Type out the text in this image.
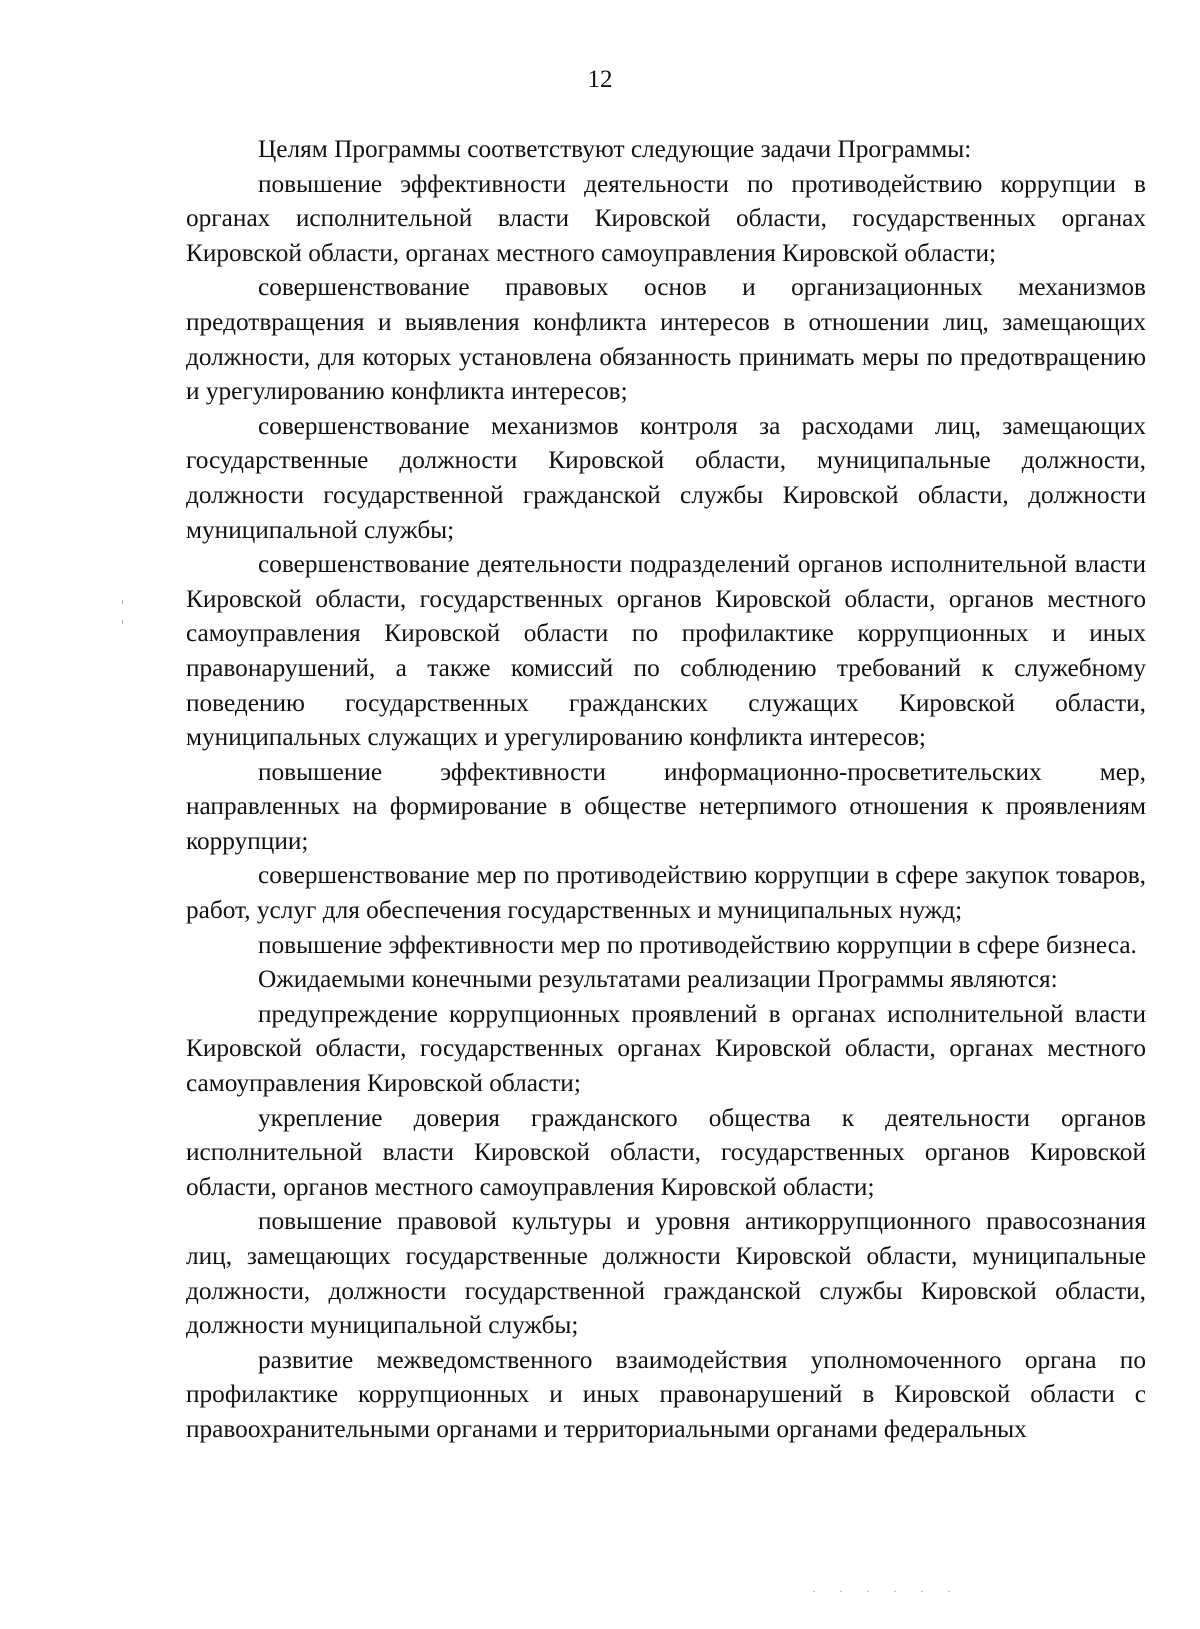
12

Целям Программы соответствуют следующие задачи Программы:

повышение эффективности деятельности по противодействию коррупции в органах исполнительной власти Кировской области, государственных органах Кировской области, органах местного самоуправления Кировской области;

совершенствование правовых основ и организационных механизмов предотвращения и выявления конфликта интересов в отношении лиц, замещающих должности, для которых установлена обязанность принимать меры по предотвращению и урегулированию конфликта интересов;

совершенствование механизмов контроля за расходами лиц, замещающих государственные должности Кировской области, муниципальные должности, должности государственной гражданской службы Кировской области, должности муниципальной службы;

совершенствование деятельности подразделений органов исполнительной власти Кировской области, государственных органов Кировской области, органов местного самоуправления Кировской области по профилактике коррупционных и иных правонарушений, а также комиссий по соблюдению требований к служебному поведению государственных гражданских служащих Кировской области, муниципальных служащих и урегулированию конфликта интересов;

повышение эффективности информационно-просветительских мер, направленных на формирование в обществе нетерпимого отношения к проявлениям коррупции;

совершенствование мер по противодействию коррупции в сфере закупок товаров, работ, услуг для обеспечения государственных и муниципальных нужд;

повышение эффективности мер по противодействию коррупции в сфере бизнеса.

Ожидаемыми конечными результатами реализации Программы являются:

предупреждение коррупционных проявлений в органах исполнительной власти Кировской области, государственных органах Кировской области, органах местного самоуправления Кировской области;

укрепление доверия гражданского общества к деятельности органов исполнительной власти Кировской области, государственных органов Кировской области, органов местного самоуправления Кировской области;

повышение правовой культуры и уровня антикоррупционного правосознания лиц, замещающих государственные должности Кировской области, муниципальные должности, должности государственной гражданской службы Кировской области, должности муниципальной службы;

развитие межведомственного взаимодействия уполномоченного органа по профилактике коррупционных и иных правонарушений в Кировской области с правоохранительными органами и территориальными органами федеральных

· · · · · ·
